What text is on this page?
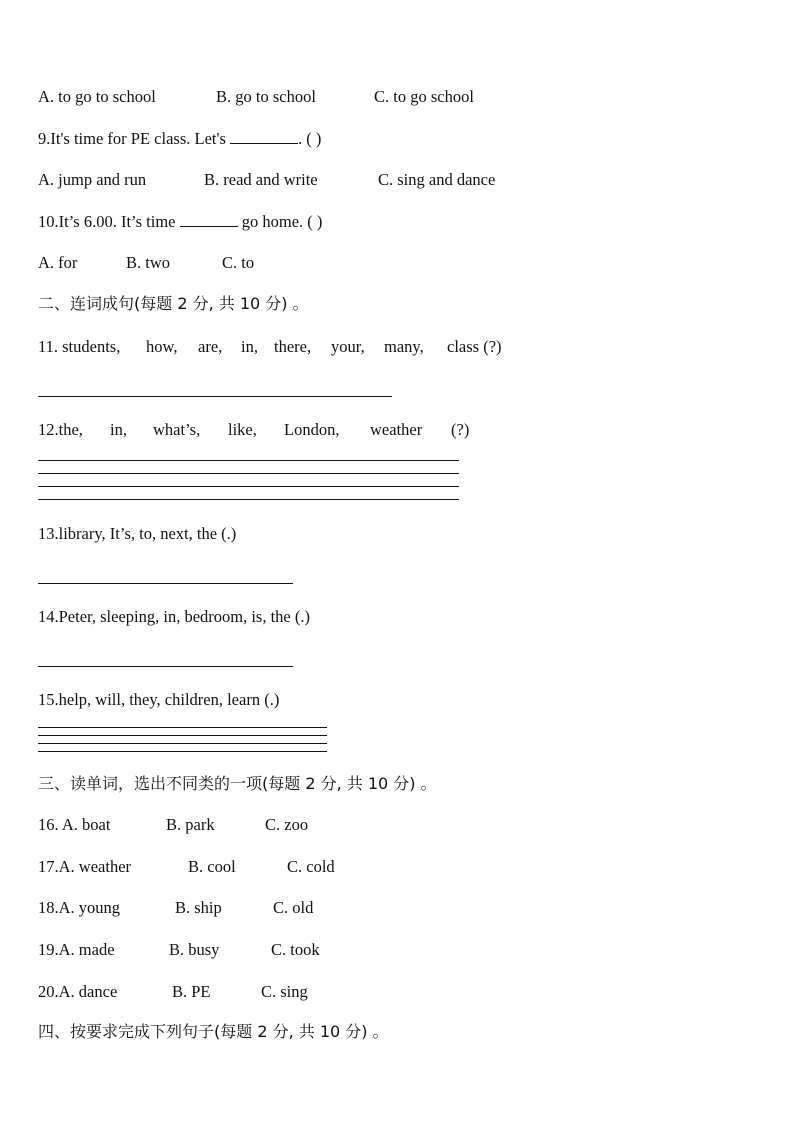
A. to go to school	B. go to school	C. to go school
9.It's time for PE class. Let's	. ( )
A. jump and run	B. read and write	C. sing and dance
10.It’s 6.00. It’s time	go home. ( )
A. for	B. two	C. to
二、连词成句(每题 2 分, 共 10 分) 。
11. students, how, are, in, there, your, many, class (?)
12.the, in, what’s, like, London, weather (?)
13.library, It’s, to, next, the (.)
14.Peter, sleeping, in, bedroom, is, the (.)
15.help, will, they, children, learn (.)
三、读单词，选出不同类的一项(每题 2 分, 共 10 分) 。
16. A. boat	B. park	C. zoo
17.A. weather	B. cool	C. cold
18.A. young	B. ship	C. old
19.A. made	B. busy	C. took
20.A. dance	B. PE	C. sing
四、按要求完成下列句子(每题 2 分, 共 10 分) 。
